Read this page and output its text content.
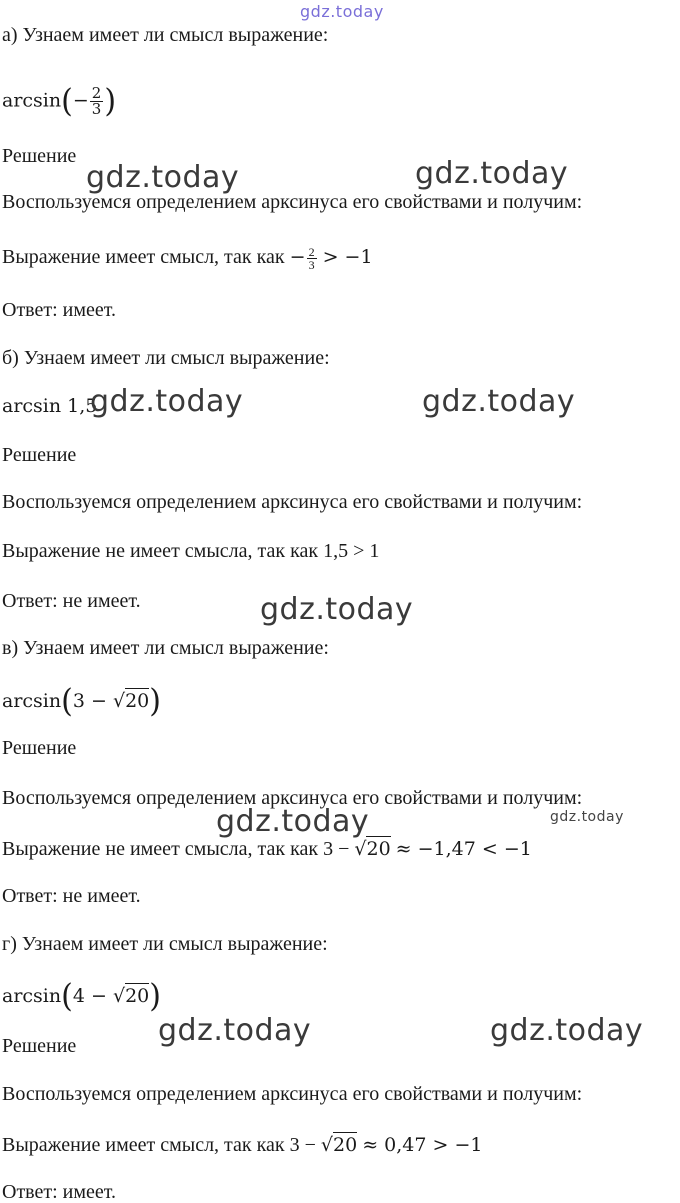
а) Узнаем имеет ли смысл выражение:
$\arcsin(- \frac{2}{3}$ )
Решение
Воспользуемся определением арксинуса его свойствами и получим:
Выражение имеет смысл, так как − $\frac{2}{3} > -1$
Ответ: имеет.
б) Узнаем имеет ли смысл выражение:
arcsin 1,5
Решение
Воспользуемся определением арксинуса его свойствами и получим:
Выражение не имеет смысла, так как 1,5 > 1
Ответ: не имеет.
в) Узнаем имеет ли смысл выражение:
arcsin(3 − √20)
Решение
Воспользуемся определением арксинуса его свойствами и получим:
Выражение не имеет смысла, так как 3 − √20 ≈ −1,47 < −1
Ответ: не имеет.
г) Узнаем имеет ли смысл выражение:
arcsin(4 − √20)
Решение
Воспользуемся определением арксинуса его свойствами и получим:
Выражение имеет смысл, так как 3 − √20 ≈ 0,47 > −1
Ответ: имеет.
gdz.today
gdz.today	gdz.today
gdz.today	gdz.today
gdz.today
gdz.today	gdz.today
gdz.today	gdz.today
